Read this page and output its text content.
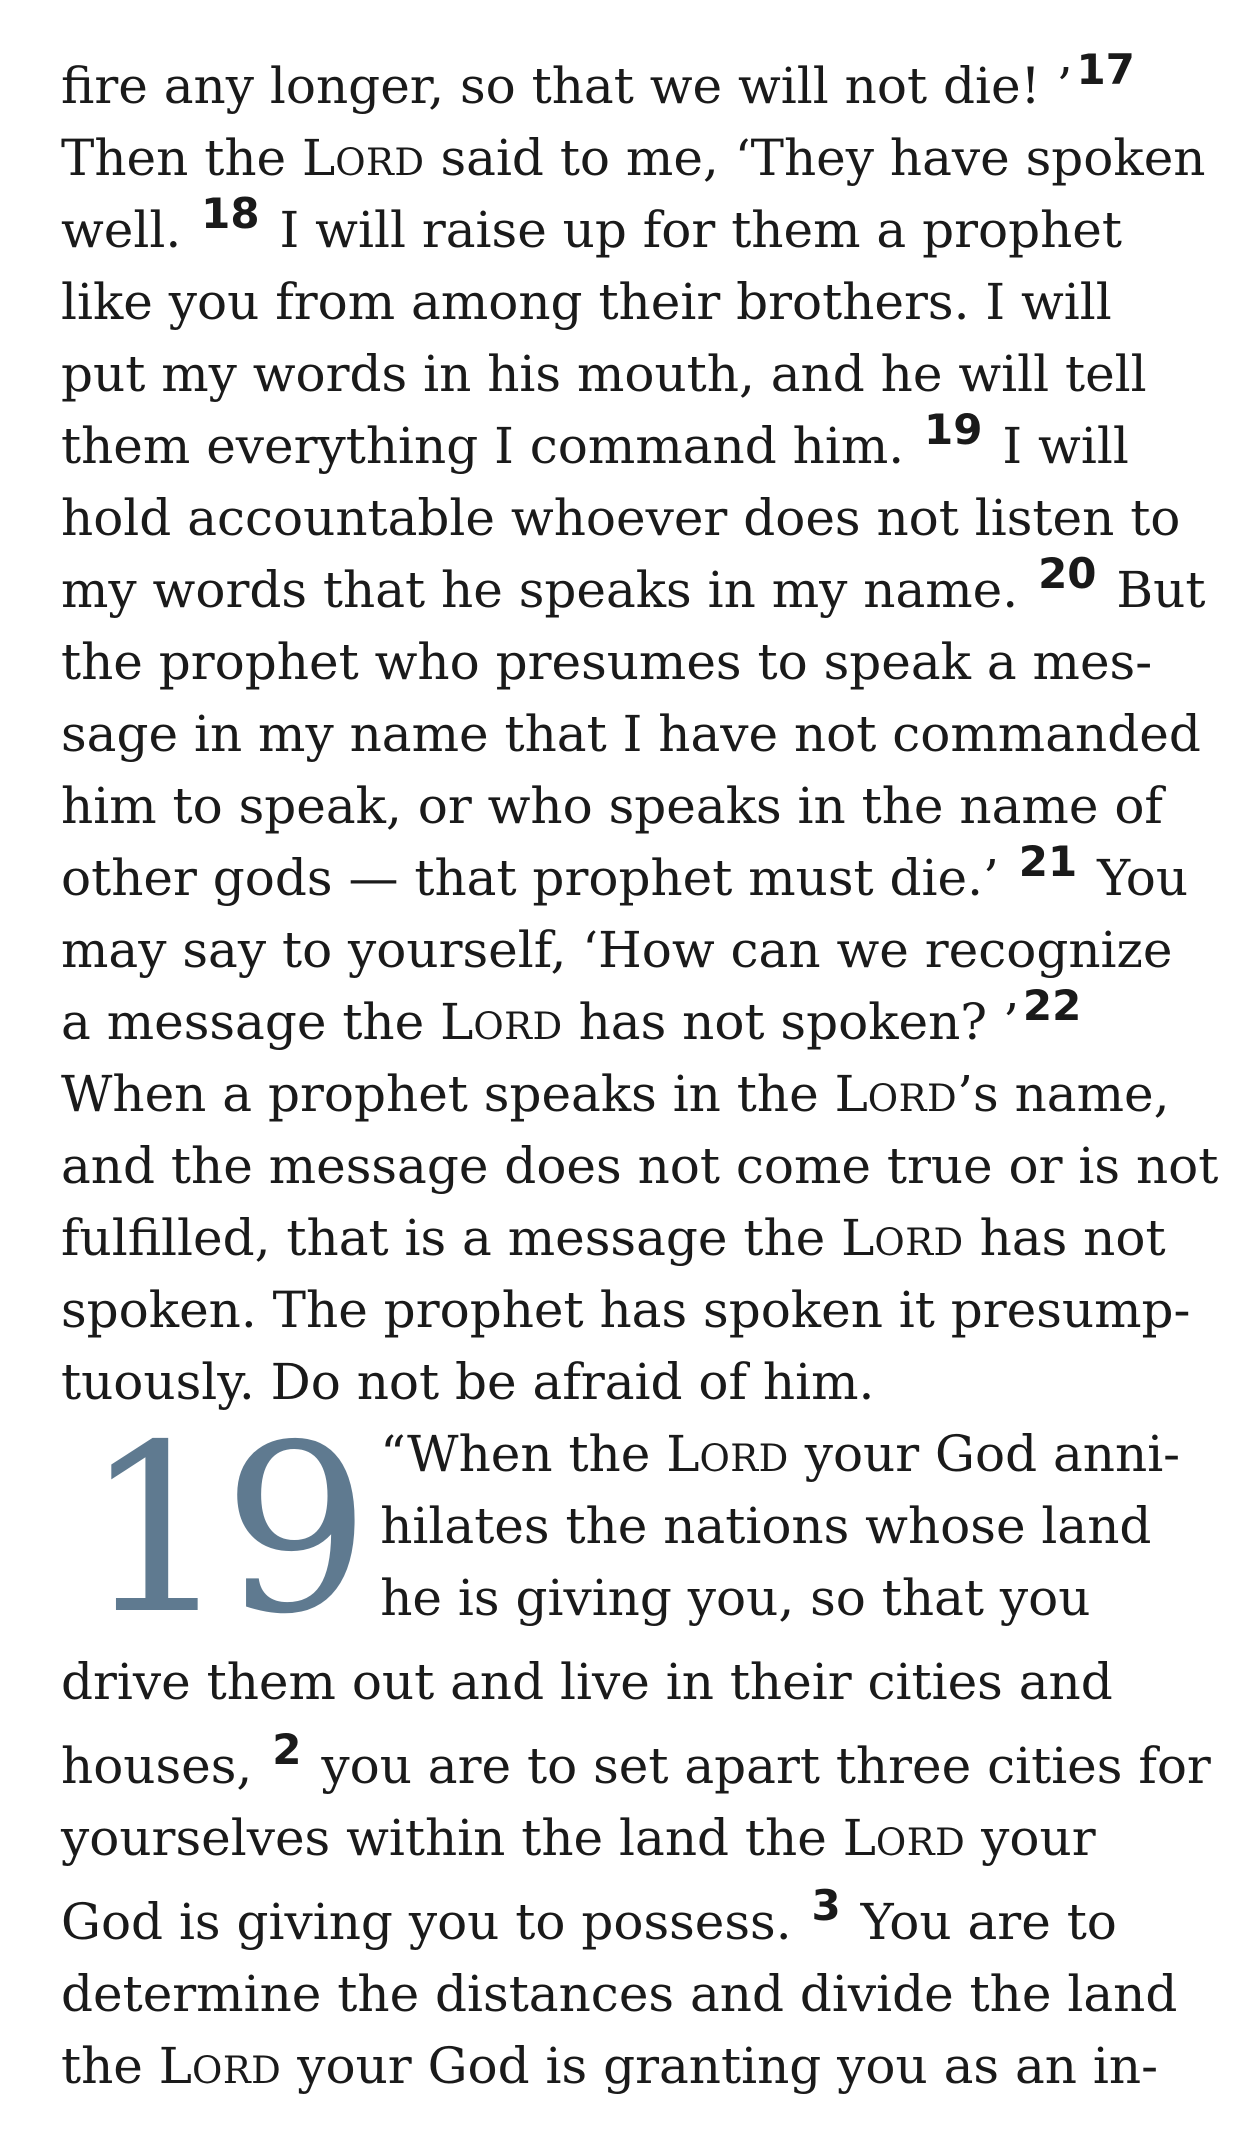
fire any longer, so that we will not die! ’$^{17}$
Then the LORD said to me, ‘They have spoken
well. $^{18}$ I will raise up for them a prophet
like you from among their brothers. I will
put my words in his mouth, and he will tell
them everything I command him. $^{19}$ I will
hold accountable whoever does not listen to
my words that he speaks in my name. $^{20}$ But
the prophet who presumes to speak a mes-
sage in my name that I have not commanded
him to speak, or who speaks in the name of
other gods — that prophet must die.’ $^{21}$ You
may say to yourself, ‘How can we recognize
a message the LORD has not spoken? ’$^{22}$
When a prophet speaks in the LORD’s name,
and the message does not come true or is not
fulfilled, that is a message the LORD has not
spoken. The prophet has spoken it presump-
tuously. Do not be afraid of him.
19 “When the LORD your God anni-
hilates the nations whose land
he is giving you, so that you
drive them out and live in their cities and
houses, $^2$ you are to set apart three cities for
yourselves within the land the LORD your
God is giving you to possess. $^3$ You are to
determine the distances and divide the land
the LORD your God is granting you as an in-
